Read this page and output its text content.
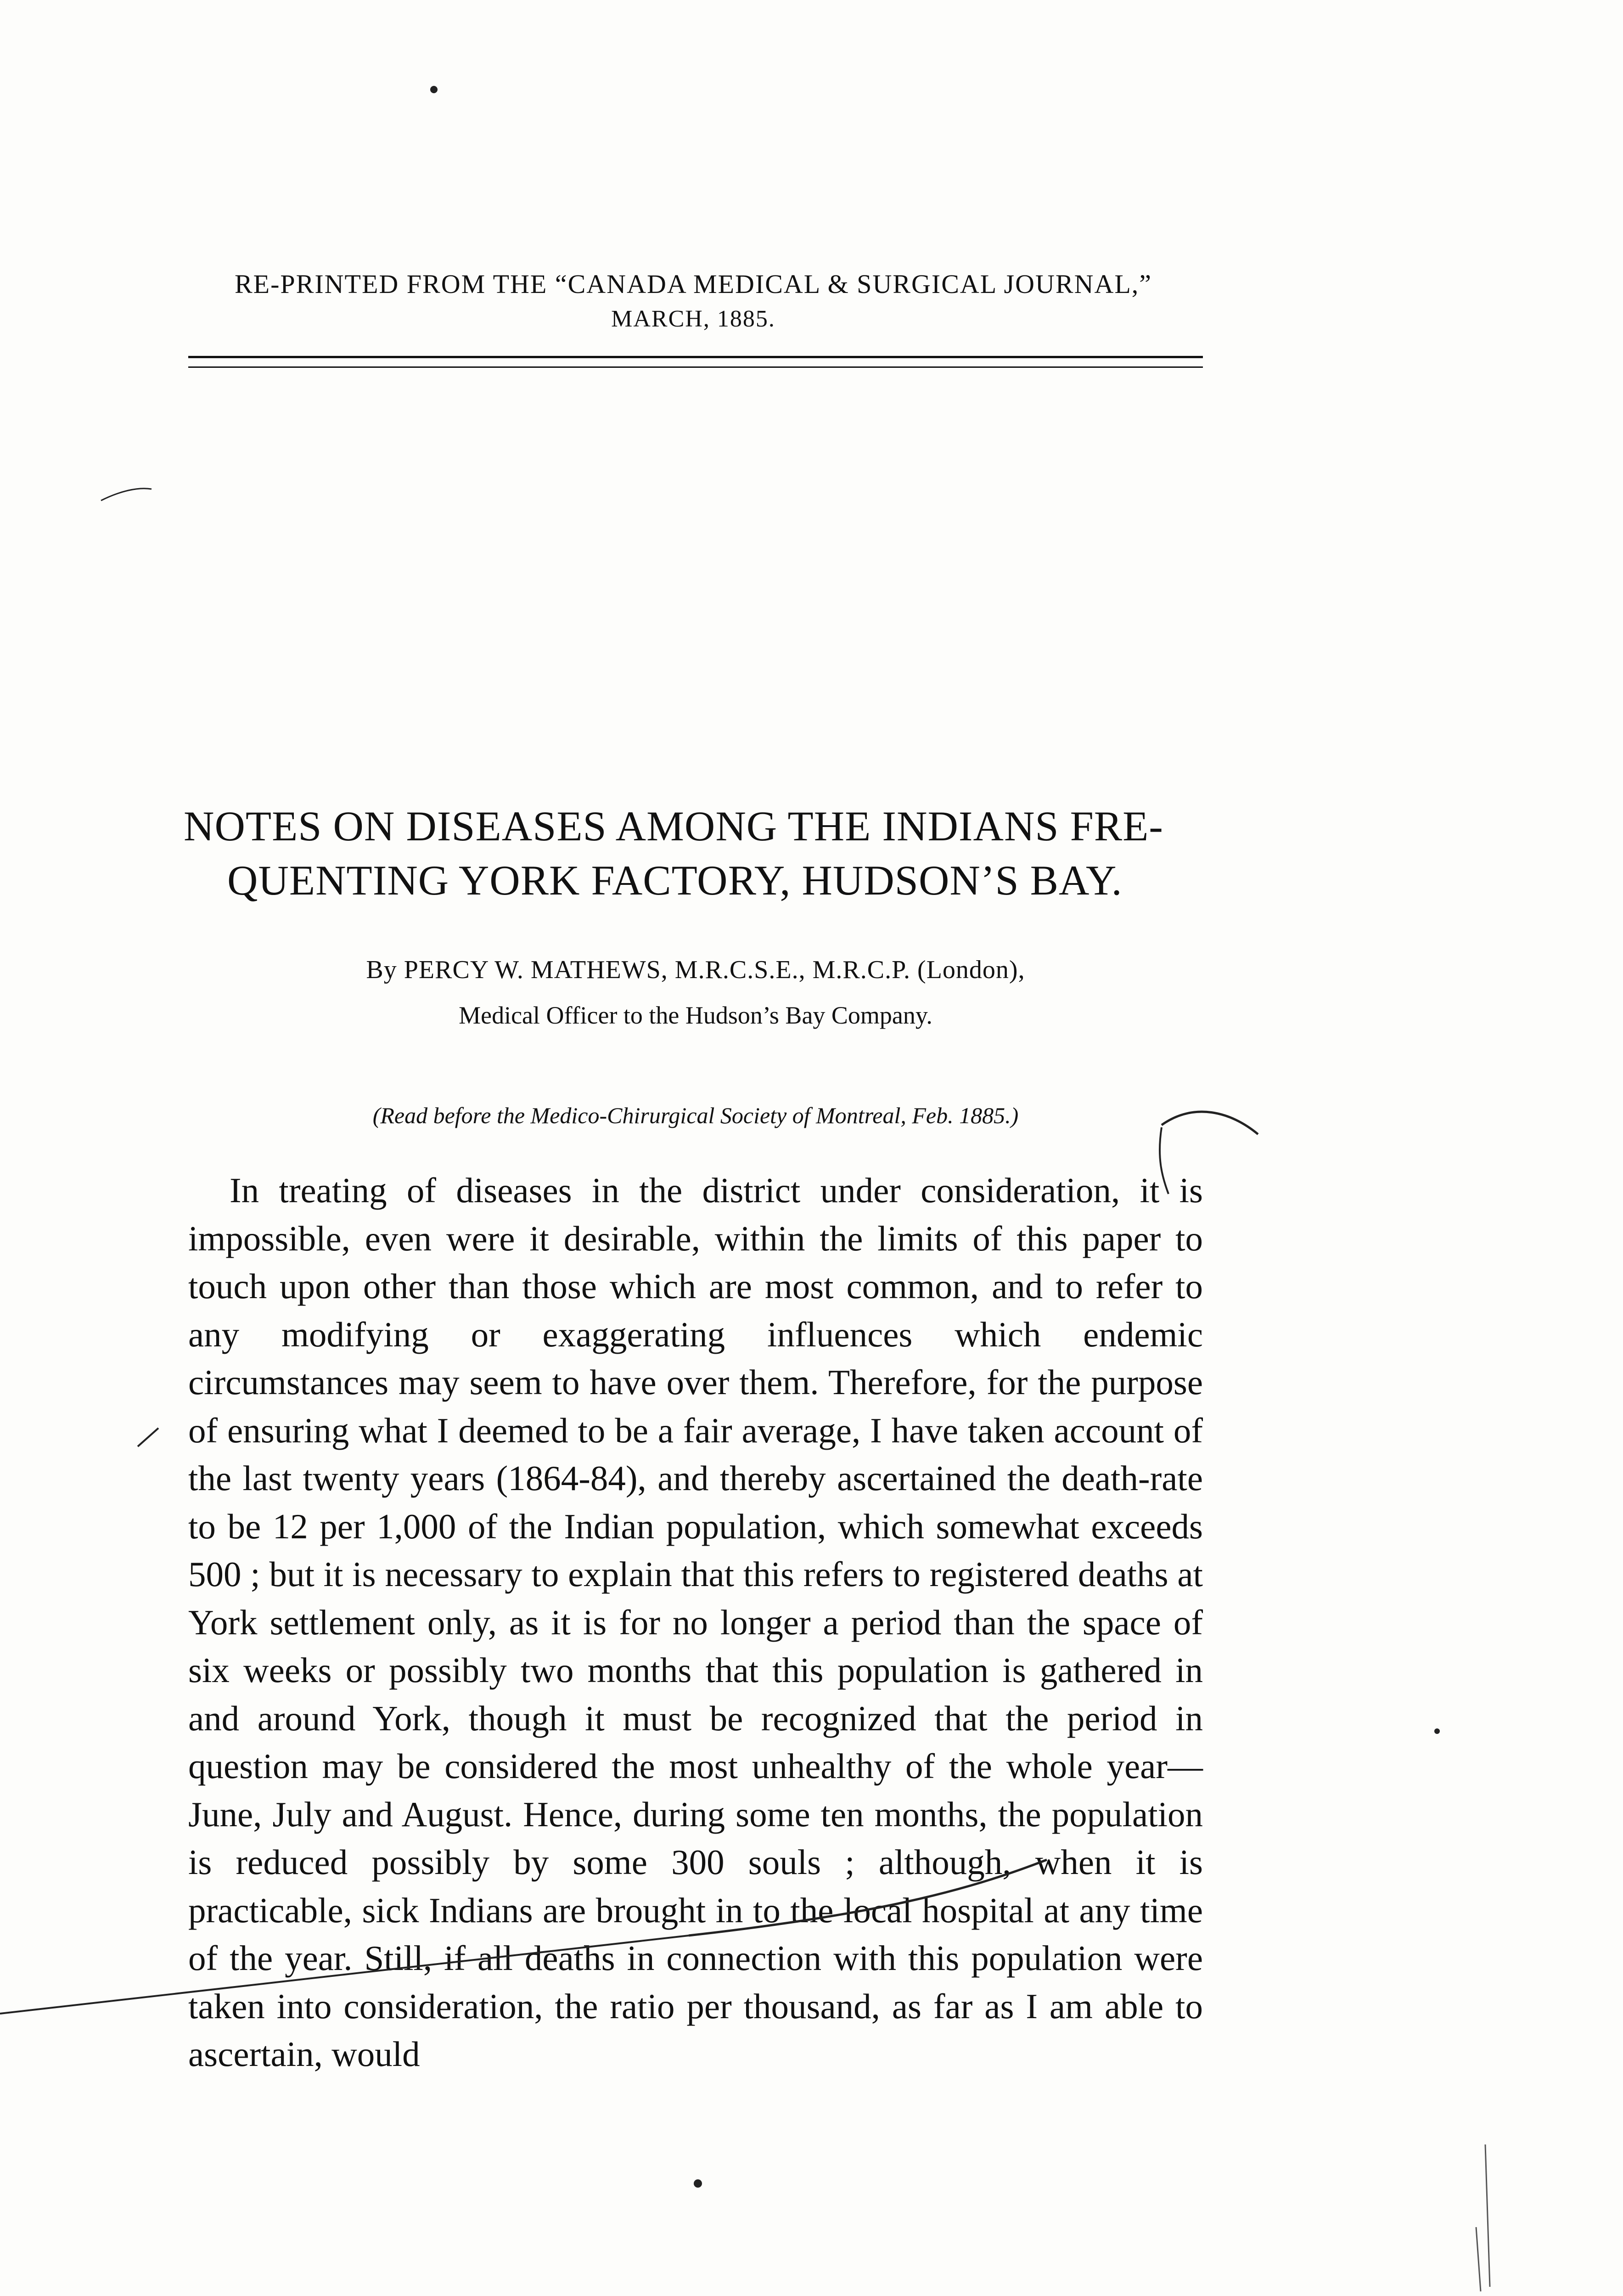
RE-PRINTED FROM THE “CANADA MEDICAL & SURGICAL JOURNAL,”
MARCH, 1885.
NOTES ON DISEASES AMONG THE INDIANS FRE-
QUENTING YORK FACTORY, HUDSON’S BAY.
By PERCY W. MATHEWS, M.R.C.S.E., M.R.C.P. (London),
Medical Officer to the Hudson’s Bay Company.
(Read before the Medico-Chirurgical Society of Montreal, Feb. 1885.)

In treating of diseases in the district under consideration, it is impossible, even were it desirable, within the limits of this paper to touch upon other than those which are most common, and to refer to any modifying or exaggerating influences which endemic circumstances may seem to have over them. Therefore, for the purpose of ensuring what I deemed to be a fair average, I have taken account of the last twenty years (1864-84), and thereby ascertained the death-rate to be 12 per 1,000 of the Indian population, which somewhat exceeds 500 ; but it is necessary to explain that this refers to registered deaths at York settlement only, as it is for no longer a period than the space of six weeks or possibly two months that this population is gathered in and around York, though it must be recognized that the period in question may be considered the most unhealthy of the whole year—June, July and August. Hence, during some ten months, the population is reduced possibly by some 300 souls ; although, when it is practicable, sick Indians are brought in to the local hospital at any time of the year. Still, if all deaths in connection with this population were taken into consideration, the ratio per thousand, as far as I am able to ascertain, would
